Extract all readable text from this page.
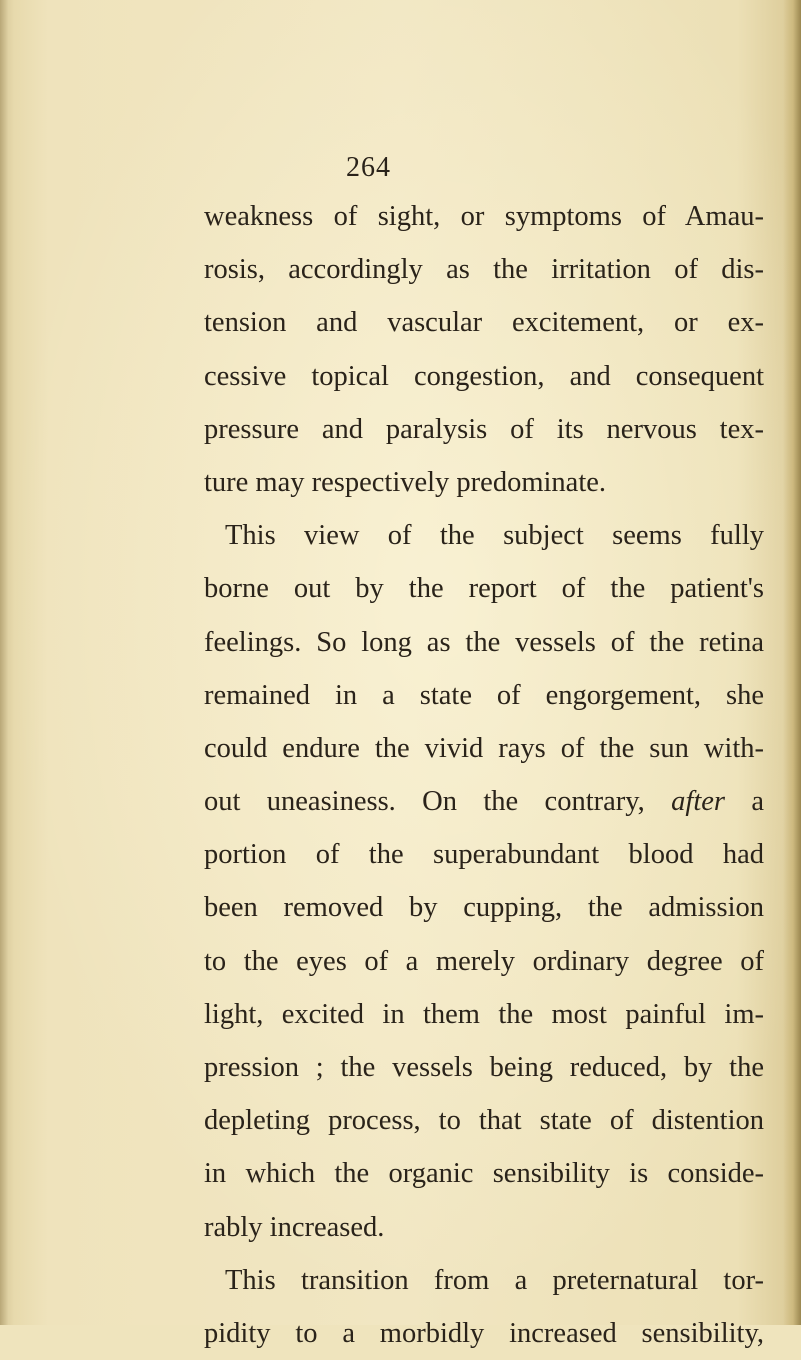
264
weakness of sight, or symptoms of Amau-
rosis, accordingly as the irritation of dis-
tension and vascular excitement, or ex-
cessive topical congestion, and consequent
pressure and paralysis of its nervous tex-
ture may respectively predominate.
This view of the subject seems fully
borne out by the report of the patient's
feelings. So long as the vessels of the retina
remained in a state of engorgement, she
could endure the vivid rays of the sun with-
out uneasiness. On the contrary, after a
portion of the superabundant blood had
been removed by cupping, the admission
to the eyes of a merely ordinary degree of
light, excited in them the most painful im-
pression ; the vessels being reduced, by the
depleting process, to that state of distention
in which the organic sensibility is conside-
rably increased.
This transition from a preternatural tor-
pidity to a morbidly increased sensibility,
